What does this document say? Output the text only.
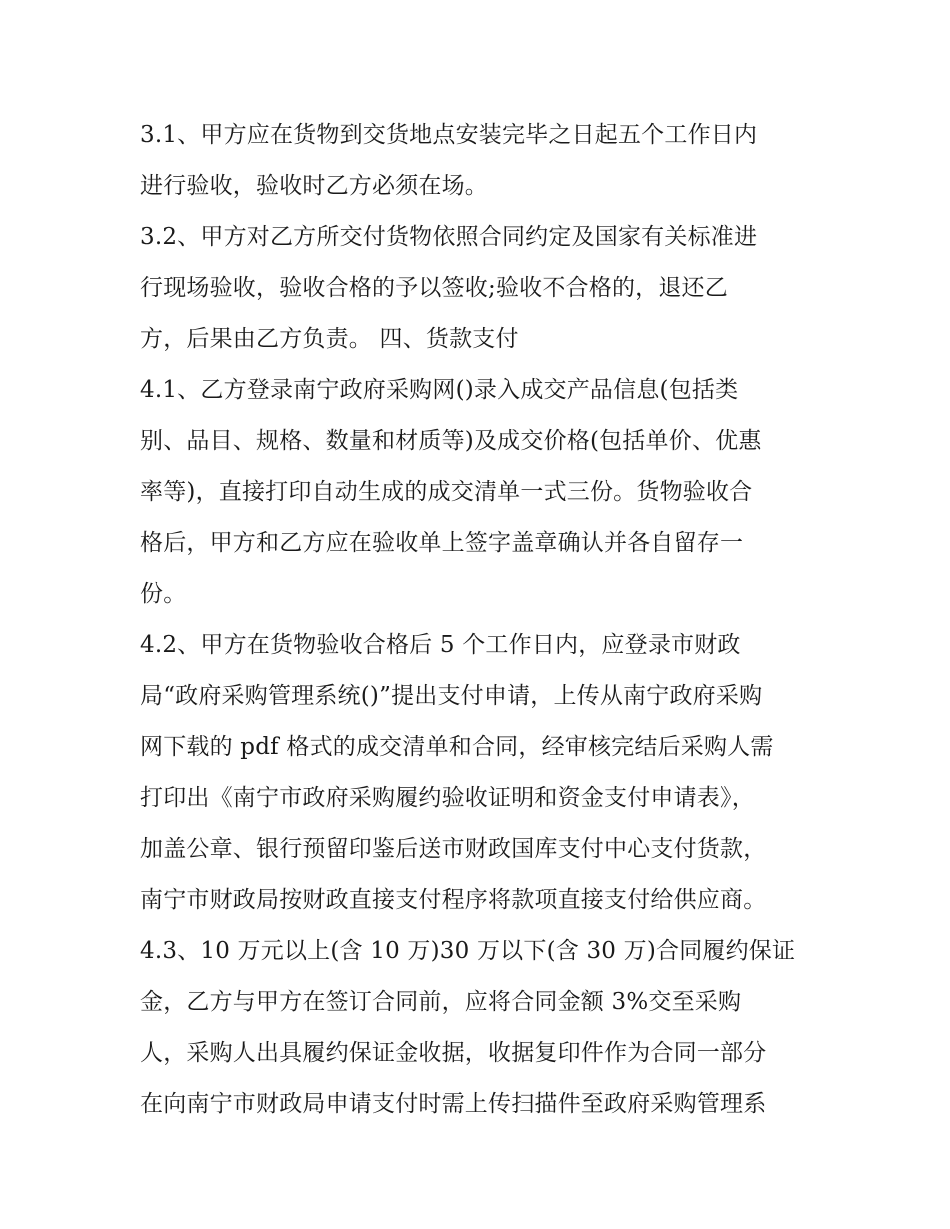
3.1、甲方应在货物到交货地点安装完毕之日起五个工作日内
进行验收，验收时乙方必须在场。
3.2、甲方对乙方所交付货物依照合同约定及国家有关标准进
行现场验收，验收合格的予以签收;验收不合格的，退还乙
方，后果由乙方负责。 四、货款支付
4.1、乙方登录南宁政府采购网()录入成交产品信息(包括类
别、品目、规格、数量和材质等)及成交价格(包括单价、优惠
率等)，直接打印自动生成的成交清单一式三份。货物验收合
格后，甲方和乙方应在验收单上签字盖章确认并各自留存一
份。
4.2、甲方在货物验收合格后 5 个工作日内，应登录市财政
局“政府采购管理系统()”提出支付申请，上传从南宁政府采购
网下载的 pdf 格式的成交清单和合同，经审核完结后采购人需
打印出《南宁市政府采购履约验收证明和资金支付申请表》，
加盖公章、银行预留印鉴后送市财政国库支付中心支付货款，
南宁市财政局按财政直接支付程序将款项直接支付给供应商。
4.3、10 万元以上(含 10 万)30 万以下(含 30 万)合同履约保证
金，乙方与甲方在签订合同前，应将合同金额 3%交至采购
人，采购人出具履约保证金收据，收据复印件作为合同一部分
在向南宁市财政局申请支付时需上传扫描件至政府采购管理系
